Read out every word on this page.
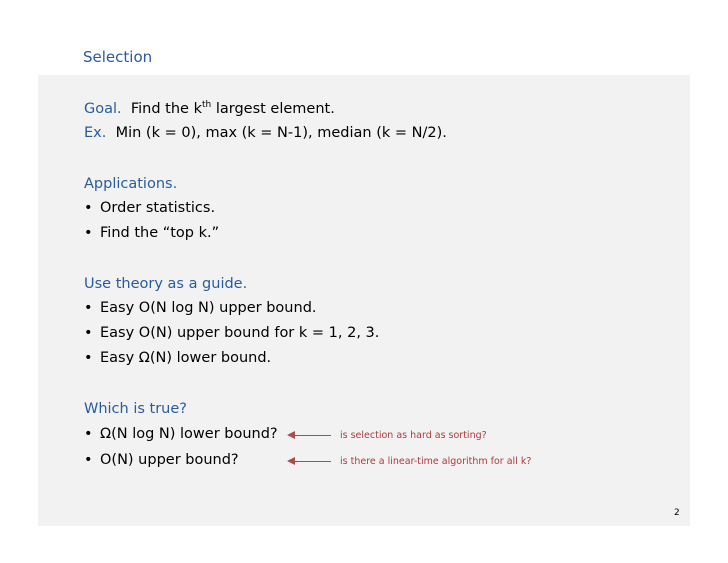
Selection
Goal. Find the $k^{th}$ largest element.
Ex. Min (k = 0), max (k = N-1), median (k = N/2).
Applications.
• Order statistics.
• Find the “top k.”
Use theory as a guide.
• Easy O(N log N) upper bound.
• Easy O(N) upper bound for k = 1, 2, 3.
• Easy Ω(N) lower bound.
Which is true?
• Ω(N log N) lower bound?
• O(N) upper bound?
is selection as hard as sorting?
is there a linear-time algorithm for all k?
2
